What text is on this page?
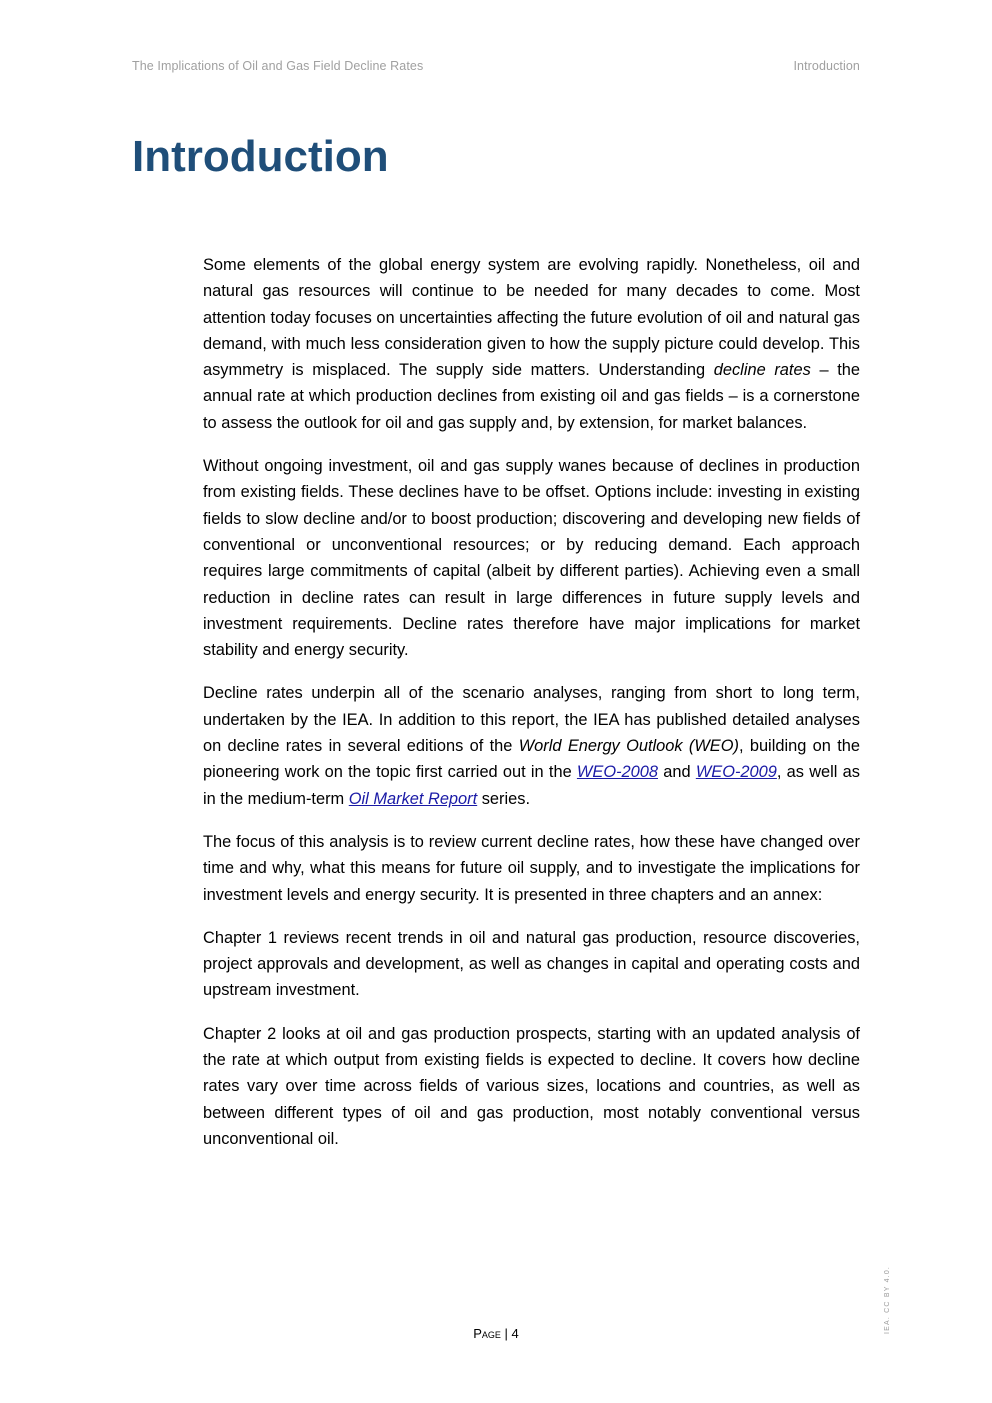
The Implications of Oil and Gas Field Decline Rates	Introduction
Introduction

Some elements of the global energy system are evolving rapidly. Nonetheless, oil and natural gas resources will continue to be needed for many decades to come. Most attention today focuses on uncertainties affecting the future evolution of oil and natural gas demand, with much less consideration given to how the supply picture could develop. This asymmetry is misplaced. The supply side matters. Understanding decline rates – the annual rate at which production declines from existing oil and gas fields – is a cornerstone to assess the outlook for oil and gas supply and, by extension, for market balances.

Without ongoing investment, oil and gas supply wanes because of declines in production from existing fields. These declines have to be offset. Options include: investing in existing fields to slow decline and/or to boost production; discovering and developing new fields of conventional or unconventional resources; or by reducing demand. Each approach requires large commitments of capital (albeit by different parties). Achieving even a small reduction in decline rates can result in large differences in future supply levels and investment requirements. Decline rates therefore have major implications for market stability and energy security.

Decline rates underpin all of the scenario analyses, ranging from short to long term, undertaken by the IEA. In addition to this report, the IEA has published detailed analyses on decline rates in several editions of the World Energy Outlook (WEO), building on the pioneering work on the topic first carried out in the WEO-2008 and WEO-2009, as well as in the medium-term Oil Market Report series.

The focus of this analysis is to review current decline rates, how these have changed over time and why, what this means for future oil supply, and to investigate the implications for investment levels and energy security. It is presented in three chapters and an annex:

Chapter 1 reviews recent trends in oil and natural gas production, resource discoveries, project approvals and development, as well as changes in capital and operating costs and upstream investment.

Chapter 2 looks at oil and gas production prospects, starting with an updated analysis of the rate at which output from existing fields is expected to decline. It covers how decline rates vary over time across fields of various sizes, locations and countries, as well as between different types of oil and gas production, most notably conventional versus unconventional oil.

IEA. CC BY 4.0.
Page | 4
